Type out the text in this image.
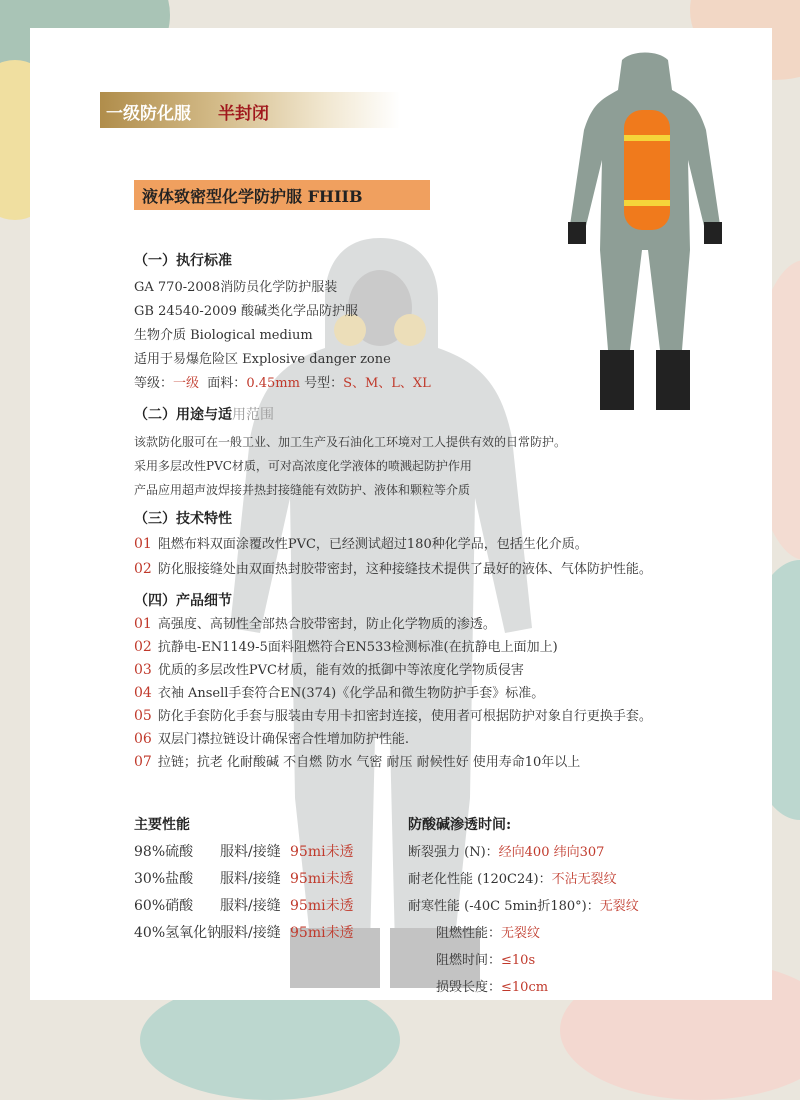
一级防化服 半封闭
液体致密型化学防护服 FHIIB
（一）执行标准
GA 770-2008消防员化学防护服装
GB 24540-2009 酸碱类化学品防护服
生物介质 Biological medium
适用于易爆危险区 Explosive danger zone
等级：一级 面料：0.45mm 号型：S、M、L、XL
（二）用途与适用范围
该款防化服可在一般工业、加工生产及石油化工环境对工人提供有效的日常防护。
采用多层改性PVC材质，可对高浓度化学液体的喷溅起防护作用
产品应用超声波焊接并热封接缝能有效防护、液体和颗粒等介质
（三）技术特性
01 阻燃布料双面涂覆改性PVC，已经测试超过180种化学品，包括生化介质。
02 防化服接缝处由双面热封胶带密封，这种接缝技术提供了最好的液体、气体防护性能。
（四）产品细节
01 高强度、高韧性全部热合胶带密封，防止化学物质的渗透。
02 抗静电-EN1149-5面料阻燃符合EN533检测标准(在抗静电上面加上)
03 优质的多层改性PVC材质，能有效的抵御中等浓度化学物质侵害
04 衣袖 Ansell手套符合EN(374)《化学品和微生物防护手套》标准。
05 防化手套防化手套与服装由专用卡扣密封连接，使用者可根据防护对象自行更换手套。
06 双层门襟拉链设计确保密合性增加防护性能.
07 拉链；抗老 化耐酸碱 不自燃 防水 气密 耐压 耐候性好 使用寿命10年以上
主要性能
98%硫酸 服料/接缝 95mi未透
30%盐酸 服料/接缝 95mi未透
60%硝酸 服料/接缝 95mi未透
40%氢氧化钠服料/接缝 95mi未透
防酸碱渗透时间:
断裂强力 (N)：经向400 纬向307
耐老化性能 (120C24)：不沾无裂纹
耐寒性能 (-40C 5min折180°)：无裂纹
阻燃性能：无裂纹
阻燃时间：≤10s
损毁长度：≤10cm
